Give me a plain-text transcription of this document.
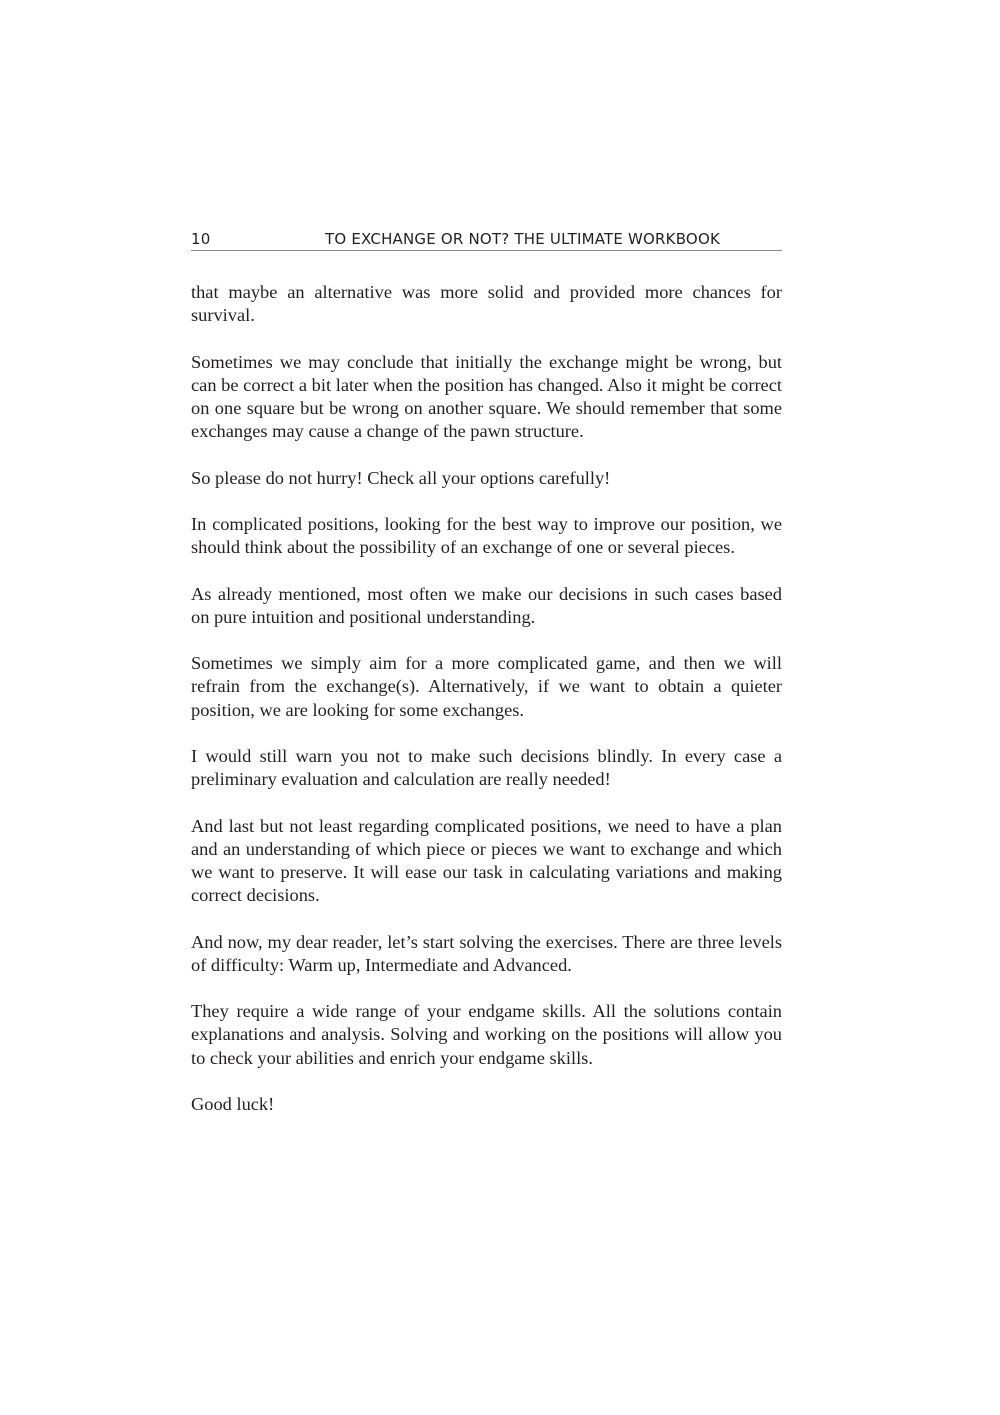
10	TO EXCHANGE OR NOT? THE ULTIMATE WORKBOOK

that maybe an alternative was more solid and provided more chances for survival.

Sometimes we may conclude that initially the exchange might be wrong, but can be correct a bit later when the position has changed. Also it might be correct on one square but be wrong on another square. We should remember that some exchanges may cause a change of the pawn structure.

So please do not hurry! Check all your options carefully!

In complicated positions, looking for the best way to improve our position, we should think about the possibility of an exchange of one or several pieces.

As already mentioned, most often we make our decisions in such cases based on pure intuition and positional understanding.

Sometimes we simply aim for a more complicated game, and then we will refrain from the exchange(s). Alternatively, if we want to obtain a quieter position, we are looking for some exchanges.

I would still warn you not to make such decisions blindly. In every case a preliminary evaluation and calculation are really needed!

And last but not least regarding complicated positions, we need to have a plan and an understanding of which piece or pieces we want to exchange and which we want to preserve. It will ease our task in calculating variations and making correct decisions.

And now, my dear reader, let’s start solving the exercises. There are three levels of difficulty: Warm up, Intermediate and Advanced.

They require a wide range of your endgame skills. All the solutions contain explanations and analysis. Solving and working on the positions will allow you to check your abilities and enrich your endgame skills.

Good luck!
